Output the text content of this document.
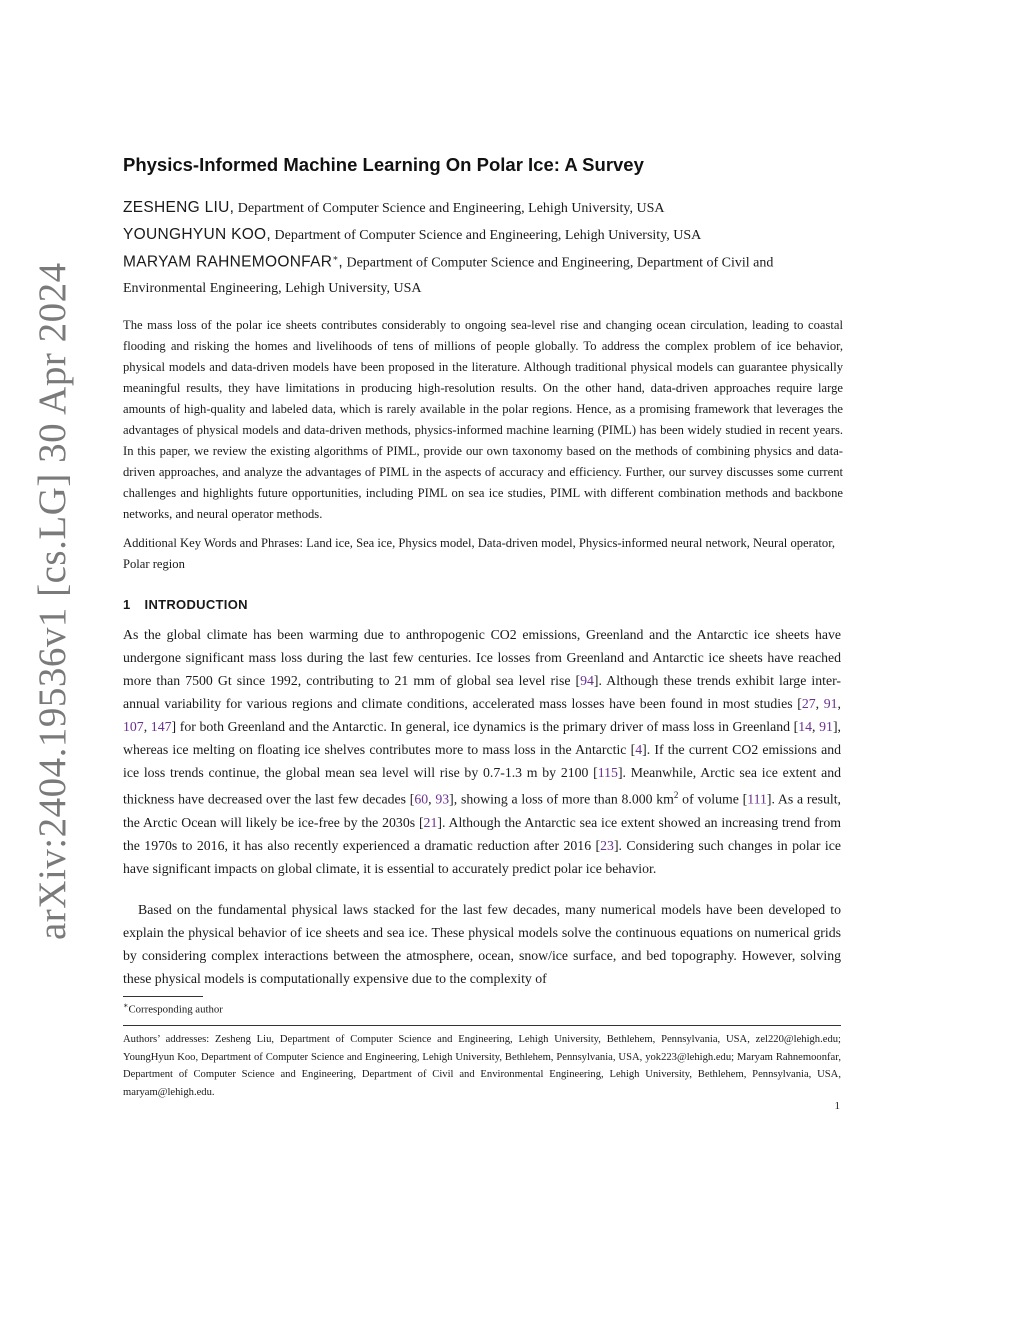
arXiv:2404.19536v1 [cs.LG] 30 Apr 2024
Physics-Informed Machine Learning On Polar Ice: A Survey
ZESHENG LIU, Department of Computer Science and Engineering, Lehigh University, USA
YOUNGHYUN KOO, Department of Computer Science and Engineering, Lehigh University, USA
MARYAM RAHNEMOONFAR∗, Department of Computer Science and Engineering, Department of Civil and
Environmental Engineering, Lehigh University, USA
The mass loss of the polar ice sheets contributes considerably to ongoing sea-level rise and changing ocean circulation, leading to coastal flooding and risking the homes and livelihoods of tens of millions of people globally. To address the complex problem of ice behavior, physical models and data-driven models have been proposed in the literature. Although traditional physical models can guarantee physically meaningful results, they have limitations in producing high-resolution results. On the other hand, data-driven approaches require large amounts of high-quality and labeled data, which is rarely available in the polar regions. Hence, as a promising framework that leverages the advantages of physical models and data-driven methods, physics-informed machine learning (PIML) has been widely studied in recent years. In this paper, we review the existing algorithms of PIML, provide our own taxonomy based on the methods of combining physics and data-driven approaches, and analyze the advantages of PIML in the aspects of accuracy and efficiency. Further, our survey discusses some current challenges and highlights future opportunities, including PIML on sea ice studies, PIML with different combination methods and backbone networks, and neural operator methods.
Additional Key Words and Phrases: Land ice, Sea ice, Physics model, Data-driven model, Physics-informed neural network, Neural operator, Polar region
1 INTRODUCTION
As the global climate has been warming due to anthropogenic CO2 emissions, Greenland and the Antarctic ice sheets have undergone significant mass loss during the last few centuries. Ice losses from Greenland and Antarctic ice sheets have reached more than 7500 Gt since 1992, contributing to 21 mm of global sea level rise [94]. Although these trends exhibit large inter-annual variability for various regions and climate conditions, accelerated mass losses have been found in most studies [27, 91, 107, 147] for both Greenland and the Antarctic. In general, ice dynamics is the primary driver of mass loss in Greenland [14, 91], whereas ice melting on floating ice shelves contributes more to mass loss in the Antarctic [4]. If the current CO2 emissions and ice loss trends continue, the global mean sea level will rise by 0.7-1.3 m by 2100 [115]. Meanwhile, Arctic sea ice extent and thickness have decreased over the last few decades [60, 93], showing a loss of more than 8.000 $km^2$ of volume [111]. As a result, the Arctic Ocean will likely be ice-free by the 2030s [21]. Although the Antarctic sea ice extent showed an increasing trend from the 1970s to 2016, it has also recently experienced a dramatic reduction after 2016 [23]. Considering such changes in polar ice have significant impacts on global climate, it is essential to accurately predict polar ice behavior.
Based on the fundamental physical laws stacked for the last few decades, many numerical models have been developed to explain the physical behavior of ice sheets and sea ice. These physical models solve the continuous equations on numerical grids by considering complex interactions between the atmosphere, ocean, snow/ice surface, and bed topography. However, solving these physical models is computationally expensive due to the complexity of
∗Corresponding author
Authors’ addresses: Zesheng Liu, Department of Computer Science and Engineering, Lehigh University, Bethlehem, Pennsylvania, USA, zel220@lehigh.edu; YoungHyun Koo, Department of Computer Science and Engineering, Lehigh University, Bethlehem, Pennsylvania, USA, yok223@lehigh.edu; Maryam Rahnemoonfar, Department of Computer Science and Engineering, Department of Civil and Environmental Engineering, Lehigh University, Bethlehem, Pennsylvania, USA, maryam@lehigh.edu.
1
